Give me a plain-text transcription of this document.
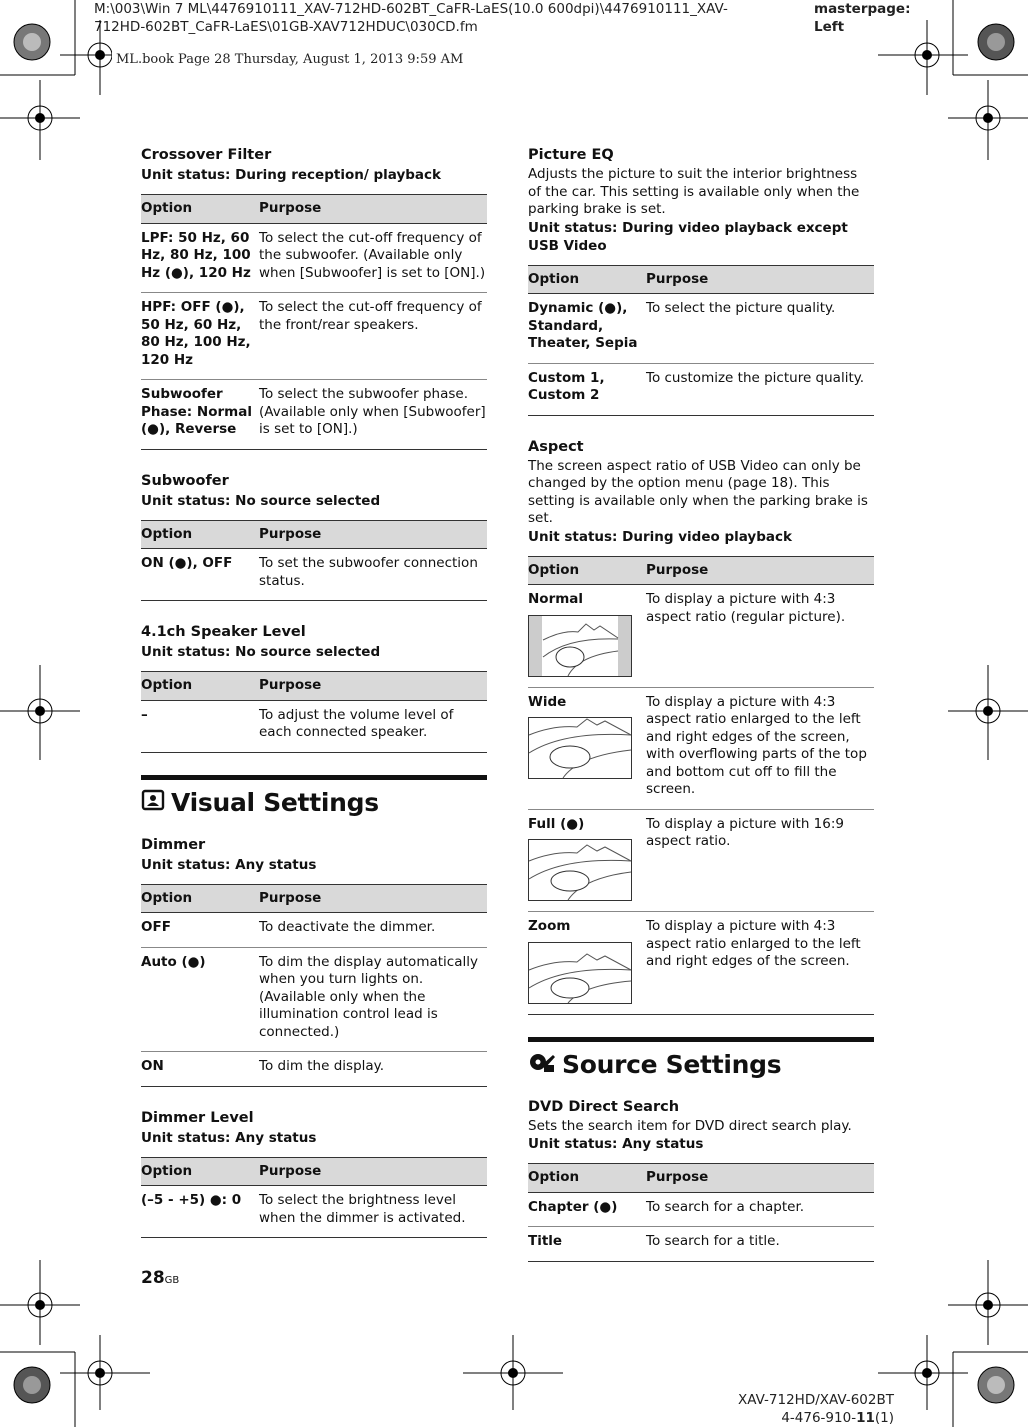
M:\003\Win 7 ML\4476910111_XAV-712HD-602BT_CaFR-LaES(10.0 600dpi)\4476910111_XAV-712HD-602BT_CaFR-LaES\01GB-XAV712HDUC\030CD.fm
masterpage: Left
ML.book Page 28 Thursday, August 1, 2013 9:59 AM
Crossover Filter
Unit status: During reception/ playback
Option	Purpose
LPF: 50 Hz, 60 Hz, 80 Hz, 100 Hz (●), 120 Hz	To select the cut-off frequency of the subwoofer. (Available only when [Subwoofer] is set to [ON].)
HPF: OFF (●), 50 Hz, 60 Hz, 80 Hz, 100 Hz, 120 Hz	To select the cut-off frequency of the front/rear speakers.
Subwoofer Phase: Normal (●), Reverse	To select the subwoofer phase. (Available only when [Subwoofer] is set to [ON].)
Subwoofer
Unit status: No source selected
Option	Purpose
ON (●), OFF	To set the subwoofer connection status.
4.1ch Speaker Level
Unit status: No source selected
Option	Purpose
–	To adjust the volume level of each connected speaker.
Visual Settings
Dimmer
Unit status: Any status
Option	Purpose
OFF	To deactivate the dimmer.
Auto (●)	To dim the display automatically when you turn lights on. (Available only when the illumination control lead is connected.)
ON	To dim the display.
Dimmer Level
Unit status: Any status
Option	Purpose
(–5 - +5) ●: 0	To select the brightness level when the dimmer is activated.
Picture EQ
Adjusts the picture to suit the interior brightness of the car. This setting is available only when the parking brake is set.
Unit status: During video playback except USB Video
Option	Purpose
Dynamic (●), Standard, Theater, Sepia	To select the picture quality.
Custom 1, Custom 2	To customize the picture quality.
Aspect
The screen aspect ratio of USB Video can only be changed by the option menu (page 18). This setting is available only when the parking brake is set.
Unit status: During video playback
Option	Purpose

Normal	To display a picture with 4:3 aspect ratio (regular picture).

Wide	To display a picture with 4:3 aspect ratio enlarged to the left and right edges of the screen, with overflowing parts of the top and bottom cut off to fill the screen.

Full (●)	To display a picture with 16:9 aspect ratio.

Zoom	To display a picture with 4:3 aspect ratio enlarged to the left and right edges of the screen.
Source Settings
DVD Direct Search
Sets the search item for DVD direct search play.
Unit status: Any status
Option	Purpose
Chapter (●)	To search for a chapter.
Title	To search for a title.
28GB
XAV-712HD/XAV-602BT
4-476-910-11(1)
